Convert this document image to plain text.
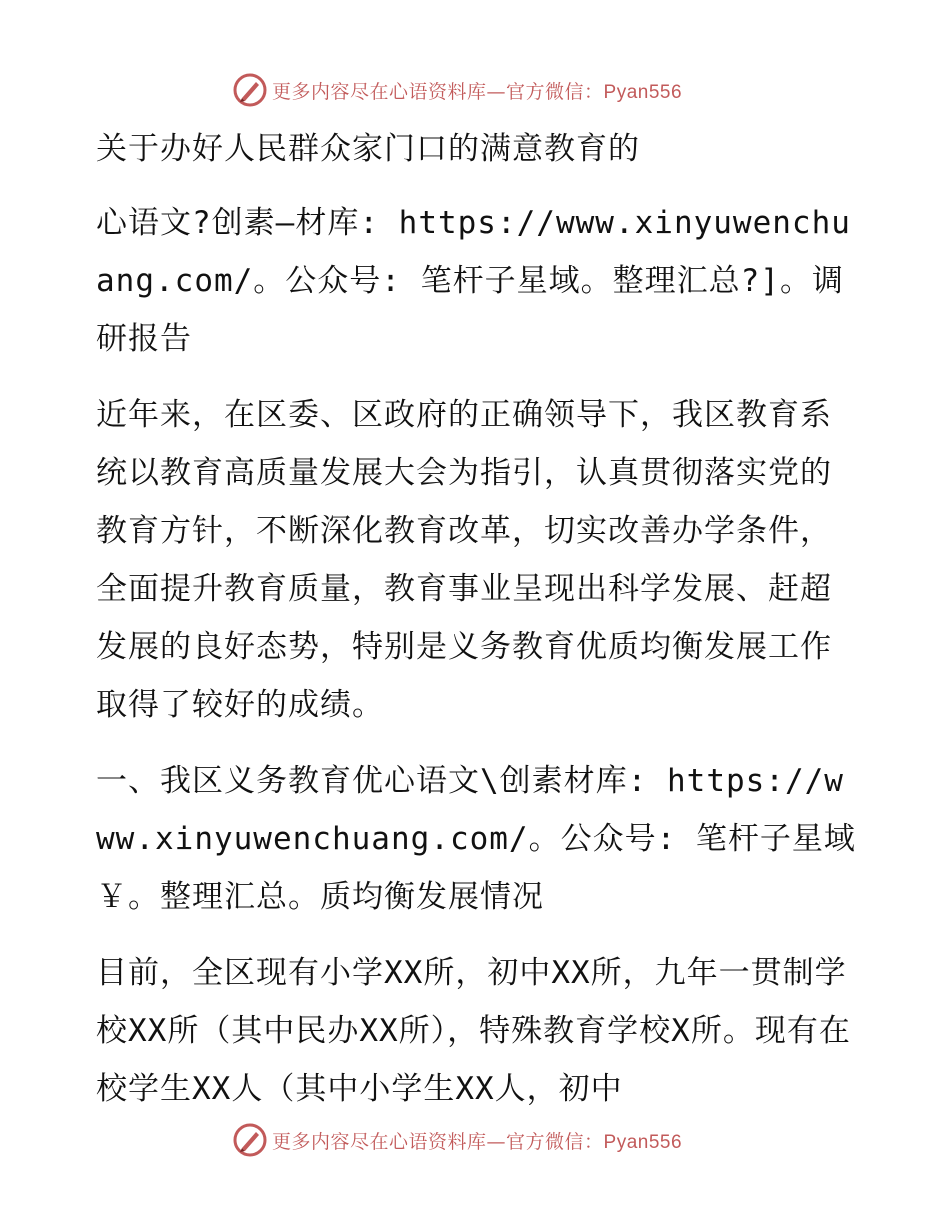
更多内容尽在心语资料库—官方微信：Pyan556

关于办好人民群众家门口的满意教育的

心语文?创素—材库: https://www.xinyuwenchuang.com/。公众号: 笔杆子星域。整理汇总?]。调研报告

近年来，在区委、区政府的正确领导下，我区教育系统以教育高质量发展大会为指引，认真贯彻落实党的教育方针，不断深化教育改革，切实改善办学条件，全面提升教育质量，教育事业呈现出科学发展、赶超发展的良好态势，特别是义务教育优质均衡发展工作取得了较好的成绩。

一、我区义务教育优心语文\创素材库: https://www.xinyuwenchuang.com/。公众号: 笔杆子星域￥。整理汇总。质均衡发展情况

目前，全区现有小学XX所，初中XX所，九年一贯制学校XX所（其中民办XX所），特殊教育学校X所。现有在校学生XX人（其中小学生XX人，初中

更多内容尽在心语资料库—官方微信：Pyan556
